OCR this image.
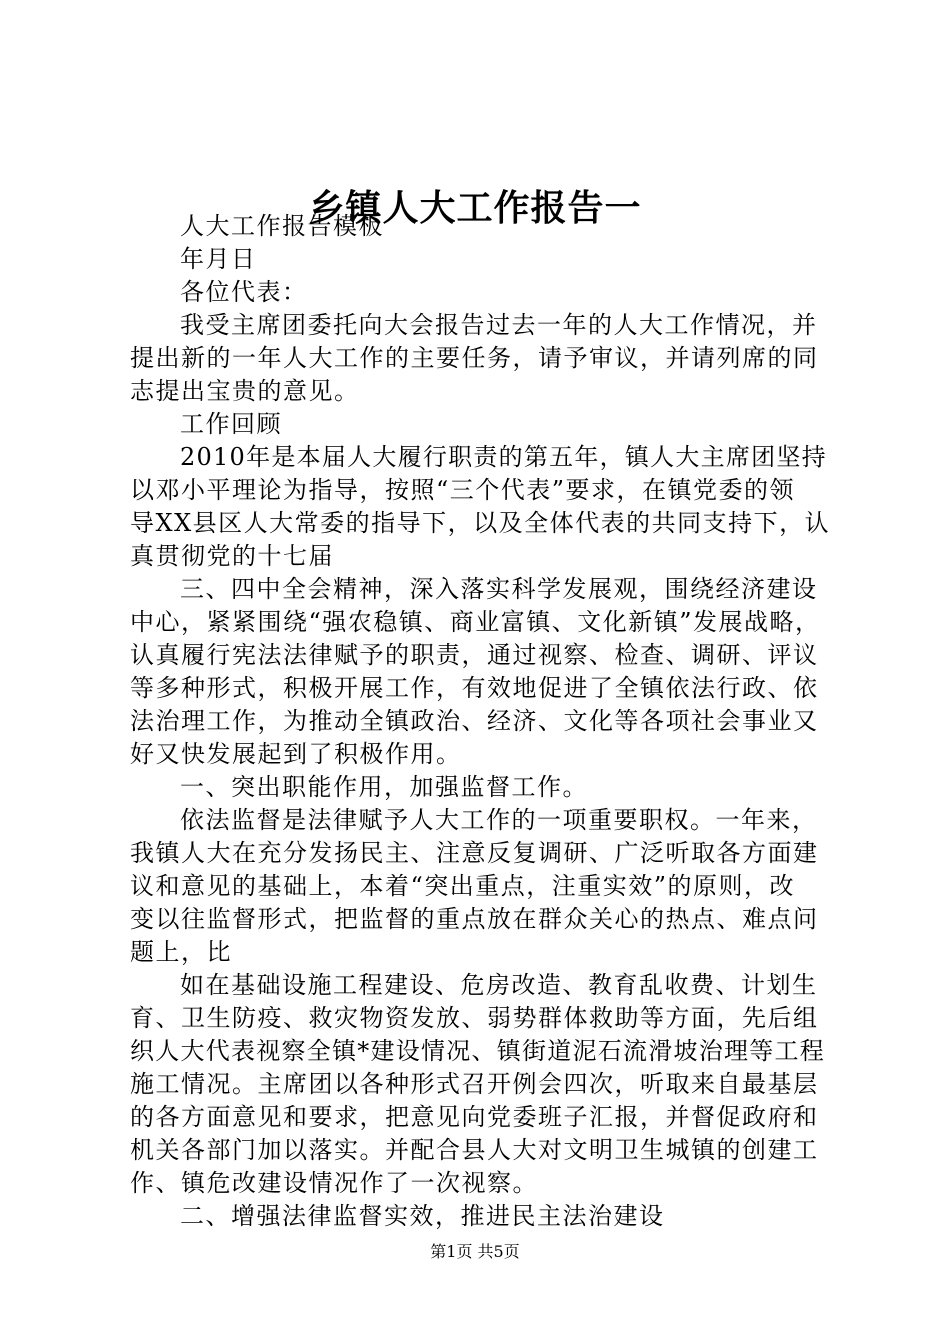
乡镇人大工作报告一
人大工作报告模板
年月日
各位代表：
我受主席团委托向大会报告过去一年的人大工作情况，并
提出新的一年人大工作的主要任务，请予审议，并请列席的同
志提出宝贵的意见。
工作回顾
2010年是本届人大履行职责的第五年，镇人大主席团坚持
以邓小平理论为指导，按照“三个代表”要求，在镇党委的领
导XX县区人大常委的指导下，以及全体代表的共同支持下，认
真贯彻党的十七届
三、四中全会精神，深入落实科学发展观，围绕经济建设
中心，紧紧围绕“强农稳镇、商业富镇、文化新镇”发展战略，
认真履行宪法法律赋予的职责，通过视察、检查、调研、评议
等多种形式，积极开展工作，有效地促进了全镇依法行政、依
法治理工作，为推动全镇政治、经济、文化等各项社会事业又
好又快发展起到了积极作用。
一、突出职能作用，加强监督工作。
依法监督是法律赋予人大工作的一项重要职权。一年来，
我镇人大在充分发扬民主、注意反复调研、广泛听取各方面建
议和意见的基础上，本着“突出重点，注重实效”的原则，改
变以往监督形式，把监督的重点放在群众关心的热点、难点问
题上，比
如在基础设施工程建设、危房改造、教育乱收费、计划生
育、卫生防疫、救灾物资发放、弱势群体救助等方面，先后组
织人大代表视察全镇*建设情况、镇街道泥石流滑坡治理等工程
施工情况。主席团以各种形式召开例会四次，听取来自最基层
的各方面意见和要求，把意见向党委班子汇报，并督促政府和
机关各部门加以落实。并配合县人大对文明卫生城镇的创建工
作、镇危改建设情况作了一次视察。
二、增强法律监督实效，推进民主法治建设
第1页 共5页
